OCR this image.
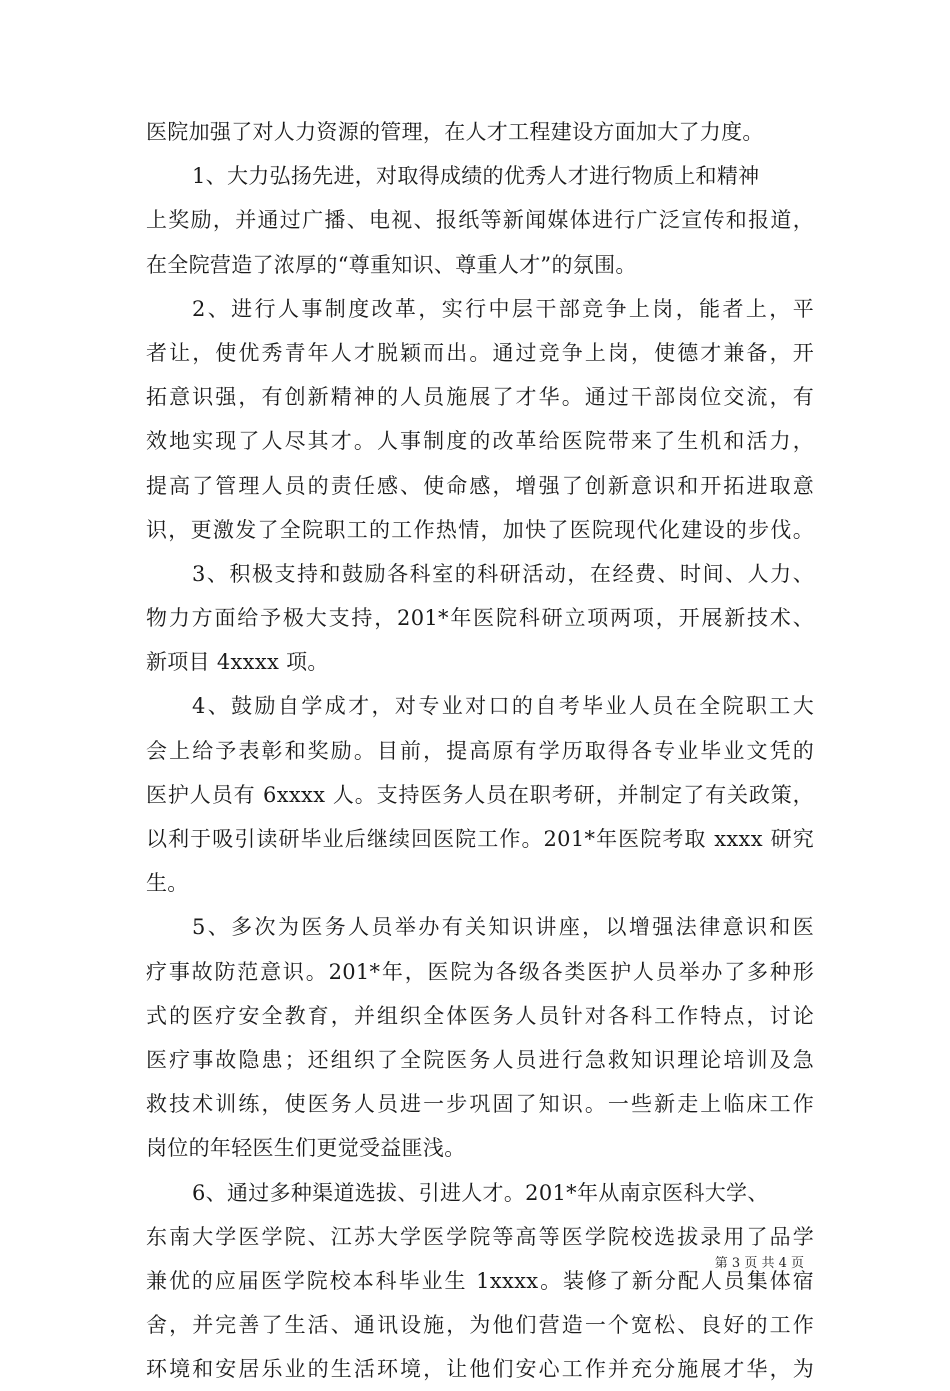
医院加强了对人力资源的管理，在人才工程建设方面加大了力度。
1、大力弘扬先进，对取得成绩的优秀人才进行物质上和精神
上奖励，并通过广播、电视、报纸等新闻媒体进行广泛宣传和报道，
在全院营造了浓厚的“尊重知识、尊重人才”的氛围。
2、进行人事制度改革，实行中层干部竞争上岗，能者上，平
者让，使优秀青年人才脱颖而出。通过竞争上岗，使德才兼备，开
拓意识强，有创新精神的人员施展了才华。通过干部岗位交流，有
效地实现了人尽其才。人事制度的改革给医院带来了生机和活力，
提高了管理人员的责任感、使命感，增强了创新意识和开拓进取意
识，更激发了全院职工的工作热情，加快了医院现代化建设的步伐。
3、积极支持和鼓励各科室的科研活动，在经费、时间、人力、
物力方面给予极大支持，201*年医院科研立项两项，开展新技术、
新项目 4xxxx 项。
4、鼓励自学成才，对专业对口的自考毕业人员在全院职工大
会上给予表彰和奖励。目前，提高原有学历取得各专业毕业文凭的
医护人员有 6xxxx 人。支持医务人员在职考研，并制定了有关政策，
以利于吸引读研毕业后继续回医院工作。201*年医院考取 xxxx 研究
生。
5、多次为医务人员举办有关知识讲座，以增强法律意识和医
疗事故防范意识。201*年，医院为各级各类医护人员举办了多种形
式的医疗安全教育，并组织全体医务人员针对各科工作特点，讨论
医疗事故隐患；还组织了全院医务人员进行急救知识理论培训及急
救技术训练，使医务人员进一步巩固了知识。一些新走上临床工作
岗位的年轻医生们更觉受益匪浅。
6、通过多种渠道选拔、引进人才。201*年从南京医科大学、
东南大学医学院、江苏大学医学院等高等医学院校选拔录用了品学
兼优的应届医学院校本科毕业生 1xxxx。装修了新分配人员集体宿
舍，并完善了生活、通讯设施，为他们营造一个宽松、良好的工作
环境和安居乐业的生活环境，让他们安心工作并充分施展才华，为
第 3 页 共 4 页
